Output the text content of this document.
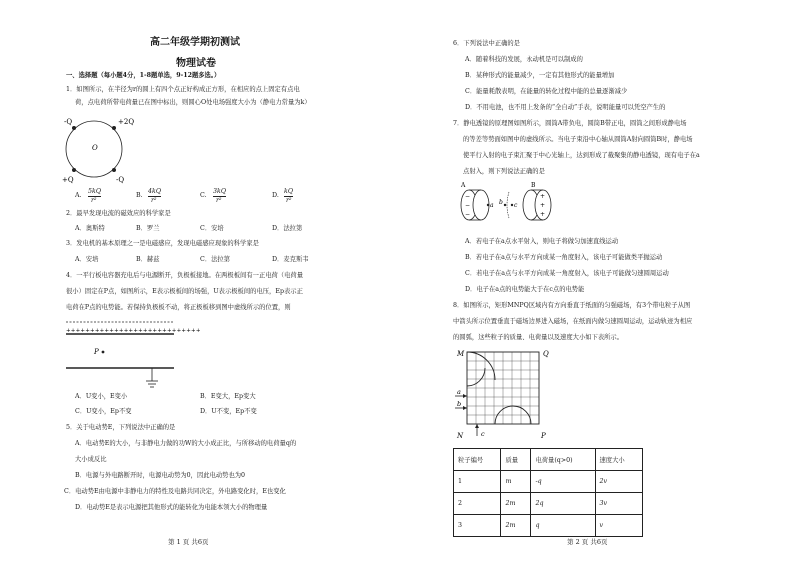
高二年级学期初测试
物理试卷
一、选择题（每小题4分，1-8题单选，9-12题多选。）
1．如图所示，在半径为r的圆上有四个点正好构成正方形，在相应的点上固定有点电
荷，点电荷所带电荷量已在图中标出，则圆心O处电场强度大小为（静电力常量为k）
-Q	+2Q
+Q	-Q
O
A.
5kQ
r²
B.
4kQ
r²
C.
3kQ
r²
D.
kQ
r²
2．最早发现电流的磁效应的科学家是
A．奥斯特	B．罗兰	C．安培	D．法拉第
3．发电机的基本原理之一是电磁感应，发现电磁感应现象的科学家是
A．安培	B．赫兹	C．法拉第	D．麦克斯韦
4．一平行板电容器充电后与电源断开，负极板接地。在两极板间有一正电荷（电荷量
很小）固定在P点，如图所示，E表示极板间的场强，U表示极板间的电压，Ep表示正
电荷在P点的电势能。若保持负极板不动，将正极板移到图中虚线所示的位置，则
++++++++++++++++++++++++++++
P
A．U变小，E变小	B．E变大，Ep变大
C．U变小，Ep不变	D．U不变，Ep不变
5．关于电动势E，下列说法中正确的是
A．电动势E的大小，与非静电力做的功W的大小成正比，与所移动的电荷量q的
大小成反比
B．电源与外电路断开时，电源电动势为0，因此电动势也为0
C．电动势E由电源中非静电力的特性及电路共同决定，外电路变化时，E也变化
D．电动势E是表示电源把其他形式的能转化为电能本领大小的物理量
第 1 页 共6页
6．下列说法中正确的是
A．随着科技的发展，永动机是可以制成的
B．某种形式的能量减少，一定有其他形式的能量增加
C．能量耗散表明，在能量的转化过程中能的总量逐渐减少
D．不用电池，也不用上发条的“全自动”手表，说明能量可以凭空产生的
7．静电透镜的原理图如图所示，圆筒A带负电，圆筒B带正电，圆筒之间形成静电场
的等差等势面如图中的虚线所示。当电子束沿中心轴从圆筒A射向圆筒B时，静电场
使平行入射的电子束汇聚于中心光轴上，达到形成了截聚集的静电透镜，现有电子在a
点射入，则下列说法正确的是
A	B
−
−
−
a b c
+
+
+
A．若电子在a点水平射入，则电子将做匀加速直线运动
B．若电子在a点与水平方向成某一角度射入，该电子可能做类平抛运动
C．若电子在a点与水平方向成某一角度射入，该电子可能做匀速圆周运动
D．电子在a点的电势能大于在c点的电势能
8．如图所示，矩形MNPQ区域内有方向垂直于纸面的匀强磁场，有3个带电粒子从图
中箭头所示位置垂直于磁场边界进入磁场，在纸面内做匀速圆周运动，运动轨迹为相应
的圆弧，这些粒子的质量、电荷量以及速度大小如下表所示。
M	Q
N	P
a
b
c
粒子编号	质量	电荷量(q>0)	速度大小
1	m	-q	2v
2	2m	2q	3v
3	2m	q	v
第 2 页 共6页
